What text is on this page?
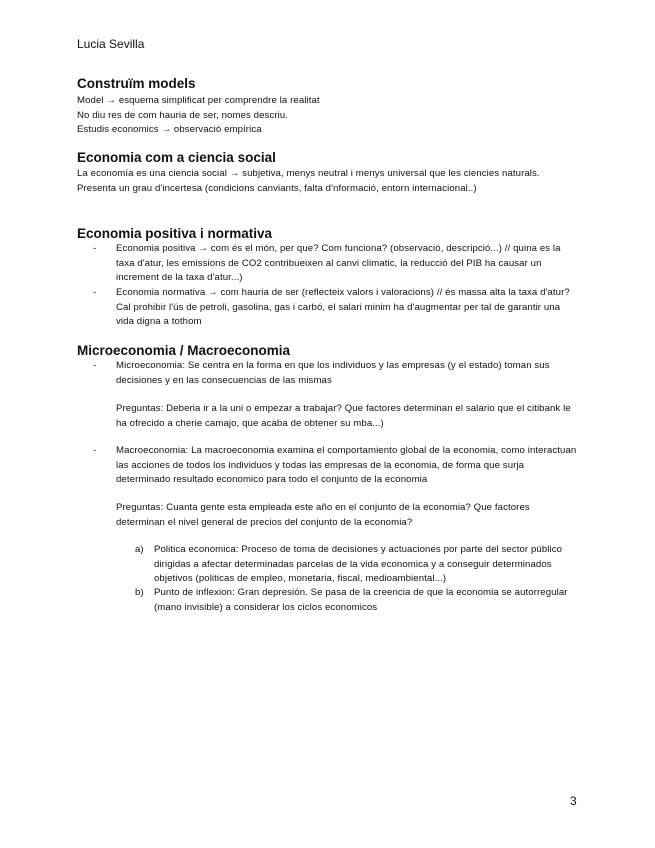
Lucia Sevilla
Construïm models

Model → esquema simplificat per comprendre la realitat

No diu res de com hauria de ser, nomes descriu.

Estudis economics → observació empírica

Economia com a ciencia social

La economía es una ciencia social → subjetiva, menys neutral i menys universal que les ciencies naturals.

Presenta un grau d'incertesa (condicions canviants, falta d'nformació, entorn internacional..)

Economia positiva i normativa
- Economia positiva → com és el món, per que? Com funciona? (observació, descripció...) // quina es la taxa d'atur, les emissions de CO2 contribueixen al canvi climatic, la reducció del PIB ha causar un increment de la taxa d'atur...)
- Economia normativa → com hauria de ser (reflecteix valors i valoracions) // és massa alta la taxa d'atur? Cal prohibir l'ús de petroli, gasolina, gas i carbó, el salari minim ha d'augmentar per tal de garantir una vida digna a tothom
Microeconomia / Macroeconomia
- Microeconomia: Se centra en la forma en que los individuos y las empresas (y el estado) toman sus decisiones y en las consecuencias de las mismas
Preguntas: Deberia ir a la uni o empezar a trabajar? Que factores determinan el salario que el citibank le ha ofrecido a cherie camajo, que acaba de obtener su mba...)
- Macroeconomia: La macroeconomia examina el comportamiento global de la economia, como interactuan las acciones de todos los individuos y todas las empresas de la economia, de forma que surja determinado resultado economico para todo el conjunto de la economia
Preguntas: Cuanta gente esta empleada este año en el conjunto de la economia? Que factores determinan el nivel general de precios del conjunto de la economia?
a) Politica economica: Proceso de toma de decisiones y actuaciones por parte del sector público dirigidas a afectar determinadas parcelas de la vida economica y a conseguir determinados objetivos (politicas de empleo, monetaria, fiscal, medioambiental...)
b) Punto de inflexion: Gran depresión. Se pasa de la creencia de que la economia se autorregular (mano invisible) a considerar los ciclos economicos
3
